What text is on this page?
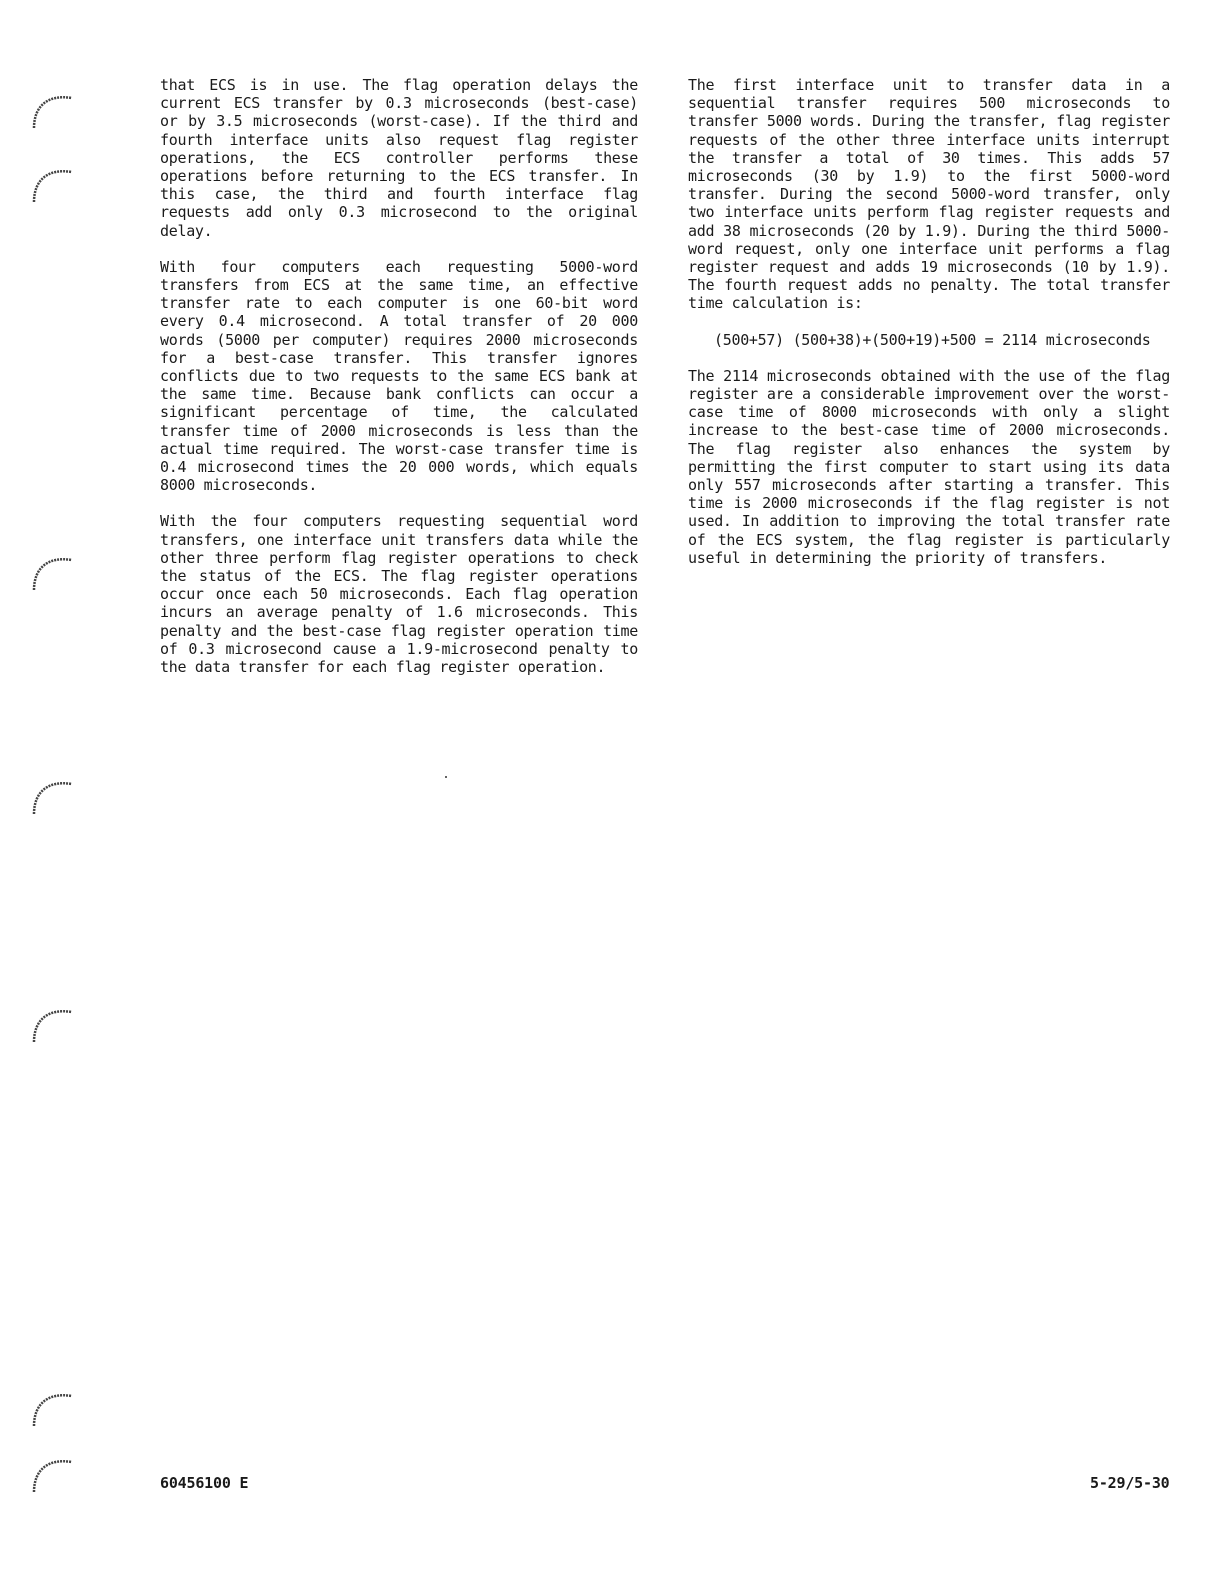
that ECS is in use. The flag operation delays the current ECS transfer by 0.3 microseconds (best-case) or by 3.5 microseconds (worst-case). If the third and fourth interface units also request flag register operations, the ECS controller performs these operations before returning to the ECS transfer. In this case, the third and fourth interface flag requests add only 0.3 microsecond to the original delay.

With four computers each requesting 5000-word transfers from ECS at the same time, an effective transfer rate to each computer is one 60-bit word every 0.4 microsecond. A total transfer of 20 000 words (5000 per computer) requires 2000 microseconds for a best-case transfer. This transfer ignores conflicts due to two requests to the same ECS bank at the same time. Because bank conflicts can occur a significant percentage of time, the calculated transfer time of 2000 microseconds is less than the actual time required. The worst-case transfer time is 0.4 microsecond times the 20 000 words, which equals 8000 microseconds.

With the four computers requesting sequential word transfers, one interface unit transfers data while the other three perform flag register operations to check the status of the ECS. The flag register operations occur once each 50 microseconds. Each flag operation incurs an average penalty of 1.6 microseconds. This penalty and the best-case flag register operation time of 0.3 microsecond cause a 1.9-microsecond penalty to the data transfer for each flag register operation.

The first interface unit to transfer data in a sequential transfer requires 500 microseconds to transfer 5000 words. During the transfer, flag register requests of the other three interface units interrupt the transfer a total of 30 times. This adds 57 microseconds (30 by 1.9) to the first 5000-word transfer. During the second 5000-word transfer, only two interface units perform flag register requests and add 38 microseconds (20 by 1.9). During the third 5000-word request, only one interface unit performs a flag register request and adds 19 microseconds (10 by 1.9). The fourth request adds no penalty. The total transfer time calculation is:

(500+57) (500+38)+(500+19)+500 = 2114 microseconds

The 2114 microseconds obtained with the use of the flag register are a considerable improvement over the worst-case time of 8000 microseconds with only a slight increase to the best-case time of 2000 microseconds. The flag register also enhances the system by permitting the first computer to start using its data only 557 microseconds after starting a transfer. This time is 2000 microseconds if the flag register is not used. In addition to improving the total transfer rate of the ECS system, the flag register is particularly useful in determining the priority of transfers.

60456100 E	5-29/5-30
